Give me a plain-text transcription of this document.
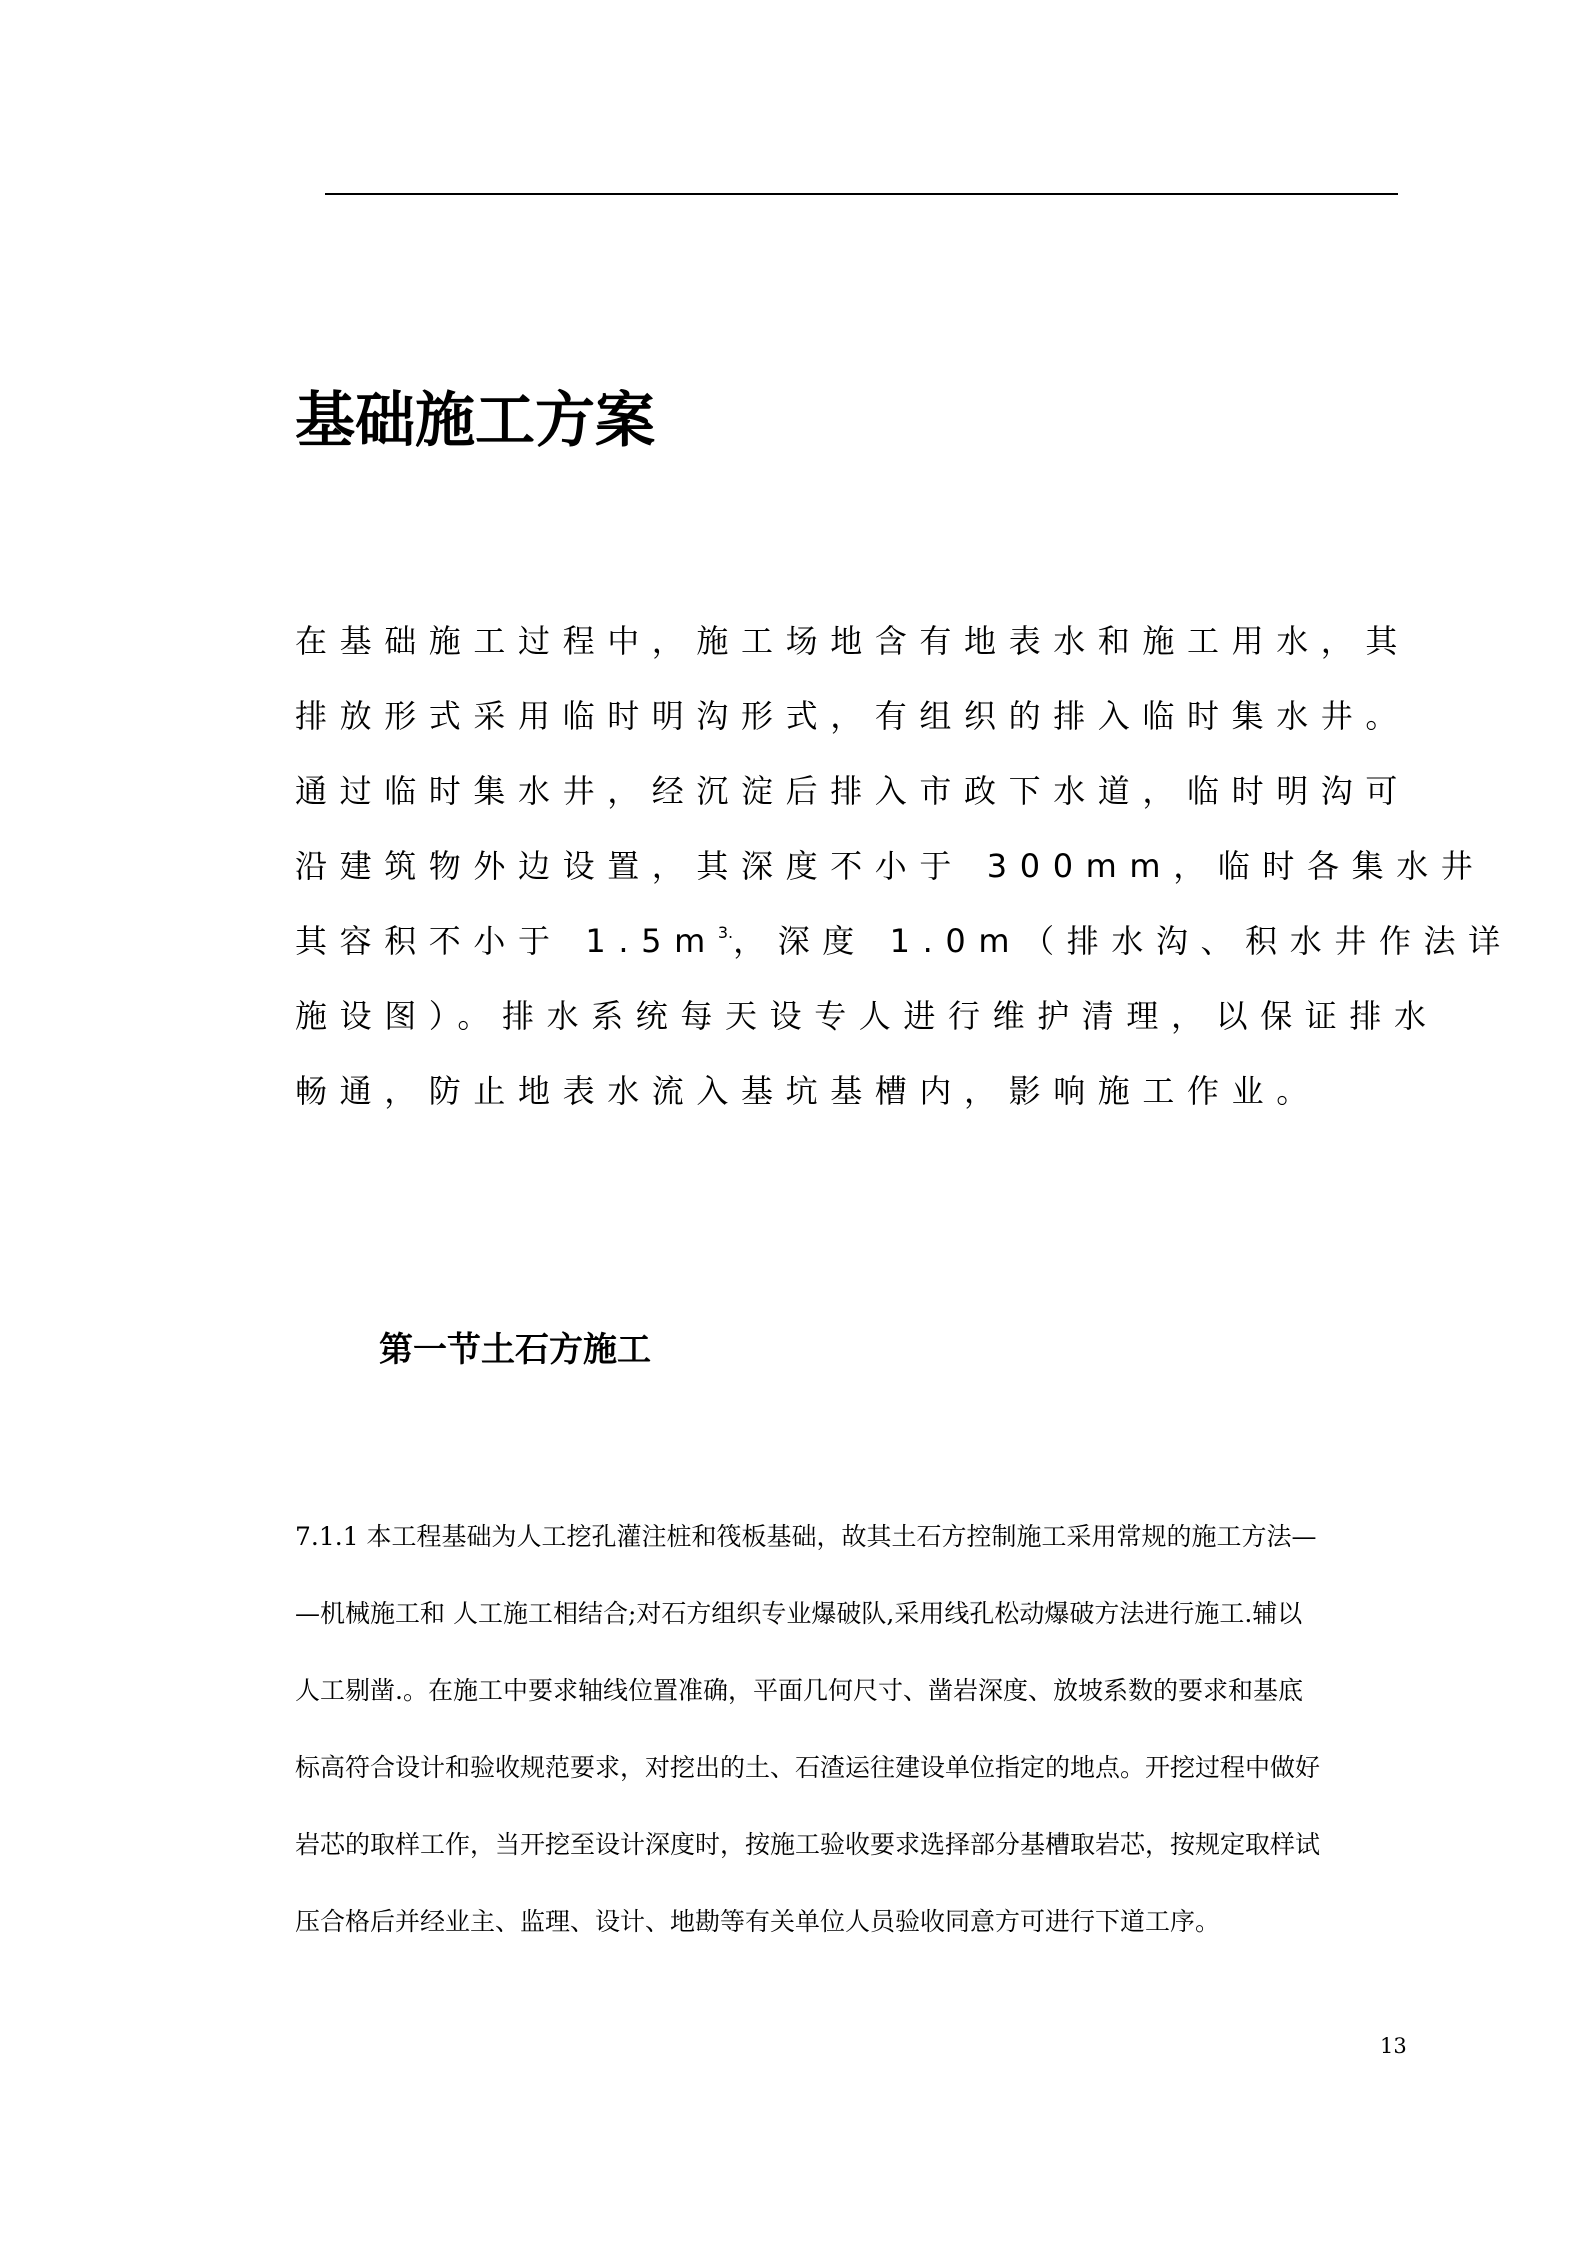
基础施工方案
在基础施工过程中，施工场地含有地表水和施工用水，其
排放形式采用临时明沟形式，有组织的排入临时集水井。
通过临时集水井，经沉淀后排入市政下水道，临时明沟可
沿建筑物外边设置，其深度不小于 300mm，临时各集水井
其容积不小于 $1.5m^{3.}$，深度 1.0m（排水沟、积水井作法详
施设图）。排水系统每天设专人进行维护清理，以保证排水
畅通，防止地表水流入基坑基槽内，影响施工作业。
第一节土石方施工
7.1.1 本工程基础为人工挖孔灌注桩和筏板基础，故其土石方控制施工采用常规的施工方法—
—机械施工和 人工施工相结合;对石方组织专业爆破队,采用线孔松动爆破方法进行施工.辅以
人工剔凿.。在施工中要求轴线位置准确，平面几何尺寸、凿岩深度、放坡系数的要求和基底
标高符合设计和验收规范要求，对挖出的土、石渣运往建设单位指定的地点。开挖过程中做好
岩芯的取样工作，当开挖至设计深度时，按施工验收要求选择部分基槽取岩芯，按规定取样试
压合格后并经业主、监理、设计、地勘等有关单位人员验收同意方可进行下道工序。
13
